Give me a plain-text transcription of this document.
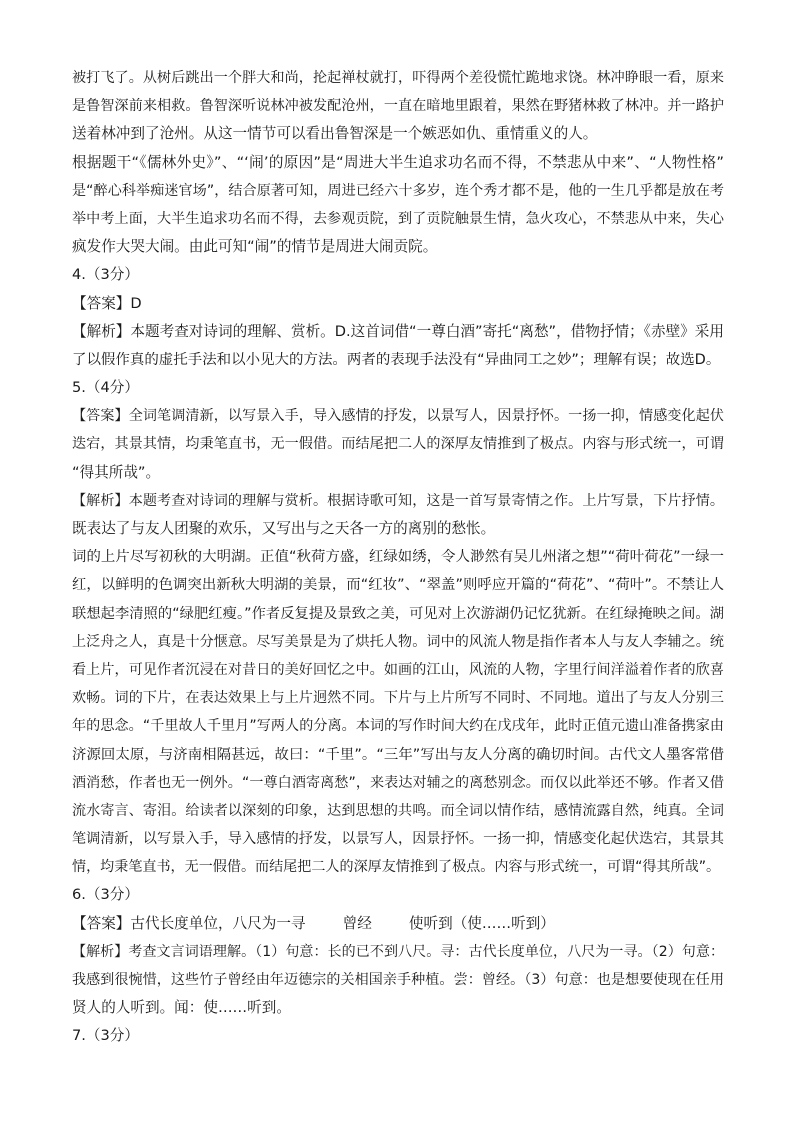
被打飞了。从树后跳出一个胖大和尚，抡起禅杖就打，吓得两个差役慌忙跪地求饶。林冲睁眼一看，原来
是鲁智深前来相救。鲁智深听说林冲被发配沧州，一直在暗地里跟着，果然在野猪林救了林冲。并一路护
送着林冲到了沧州。从这一情节可以看出鲁智深是一个嫉恶如仇、重情重义的人。
根据题干“《儒林外史》”、“‘闹’的原因”是“周进大半生追求功名而不得，不禁悲从中来”、“人物性格”
是“醉心科举痴迷官场”，结合原著可知，周进已经六十多岁，连个秀才都不是，他的一生几乎都是放在考
举中考上面，大半生追求功名而不得，去参观贡院，到了贡院触景生情，急火攻心，不禁悲从中来，失心
疯发作大哭大闹。由此可知“闹”的情节是周进大闹贡院。
4.（3分）
【答案】D
【解析】本题考查对诗词的理解、赏析。D.这首词借“一尊白酒”寄托“离愁”，借物抒情；《赤壁》采用
了以假作真的虚托手法和以小见大的方法。两者的表现手法没有“异曲同工之妙”；理解有误；故选D。
5.（4分）
【答案】全词笔调清新，以写景入手，导入感情的抒发，以景写人，因景抒怀。一扬一抑，情感变化起伏
迭宕，其景其情，均秉笔直书，无一假借。而结尾把二人的深厚友情推到了极点。内容与形式统一，可谓
“得其所哉”。
【解析】本题考查对诗词的理解与赏析。根据诗歌可知，这是一首写景寄情之作。上片写景，下片抒情。
既表达了与友人团聚的欢乐，又写出与之天各一方的离别的愁怅。
词的上片尽写初秋的大明湖。正值“秋荷方盛，红绿如绣，令人渺然有吴儿州渚之想”“荷叶荷花”一绿一
红，以鲜明的色调突出新秋大明湖的美景，而“红妆”、“翠盖”则呼应开篇的“荷花”、“荷叶”。不禁让人
联想起李清照的“绿肥红瘦。”作者反复提及景致之美，可见对上次游湖仍记忆犹新。在红绿掩映之间。湖
上泛舟之人，真是十分惬意。尽写美景是为了烘托人物。词中的风流人物是指作者本人与友人李辅之。统
看上片，可见作者沉浸在对昔日的美好回忆之中。如画的江山，风流的人物，字里行间洋溢着作者的欣喜
欢畅。词的下片，在表达效果上与上片迥然不同。下片与上片所写不同时、不同地。道出了与友人分别三
年的思念。“千里故人千里月”写两人的分离。本词的写作时间大约在戊戌年，此时正值元遗山准备携家由
济源回太原，与济南相隔甚远，故曰：“千里”。“三年”写出与友人分离的确切时间。古代文人墨客常借
酒消愁，作者也无一例外。“一尊白酒寄离愁”，来表达对辅之的离愁别念。而仅以此举还不够。作者又借
流水寄言、寄泪。给读者以深刻的印象，达到思想的共鸣。而全词以情作结，感情流露自然，纯真。全词
笔调清新，以写景入手，导入感情的抒发，以景写人，因景抒怀。一扬一抑，情感变化起伏迭宕，其景其
情，均秉笔直书，无一假借。而结尾把二人的深厚友情推到了极点。内容与形式统一，可谓“得其所哉”。
6.（3分）
【答案】古代长度单位，八尺为一寻        曾经        使听到（使……听到）
【解析】考查文言词语理解。（1）句意：长的已不到八尺。寻：古代长度单位，八尺为一寻。（2）句意：
我感到很惋惜，这些竹子曾经由年迈德宗的关相国亲手种植。尝：曾经。（3）句意：也是想要使现在任用
贤人的人听到。闻：使……听到。
7.（3分）
